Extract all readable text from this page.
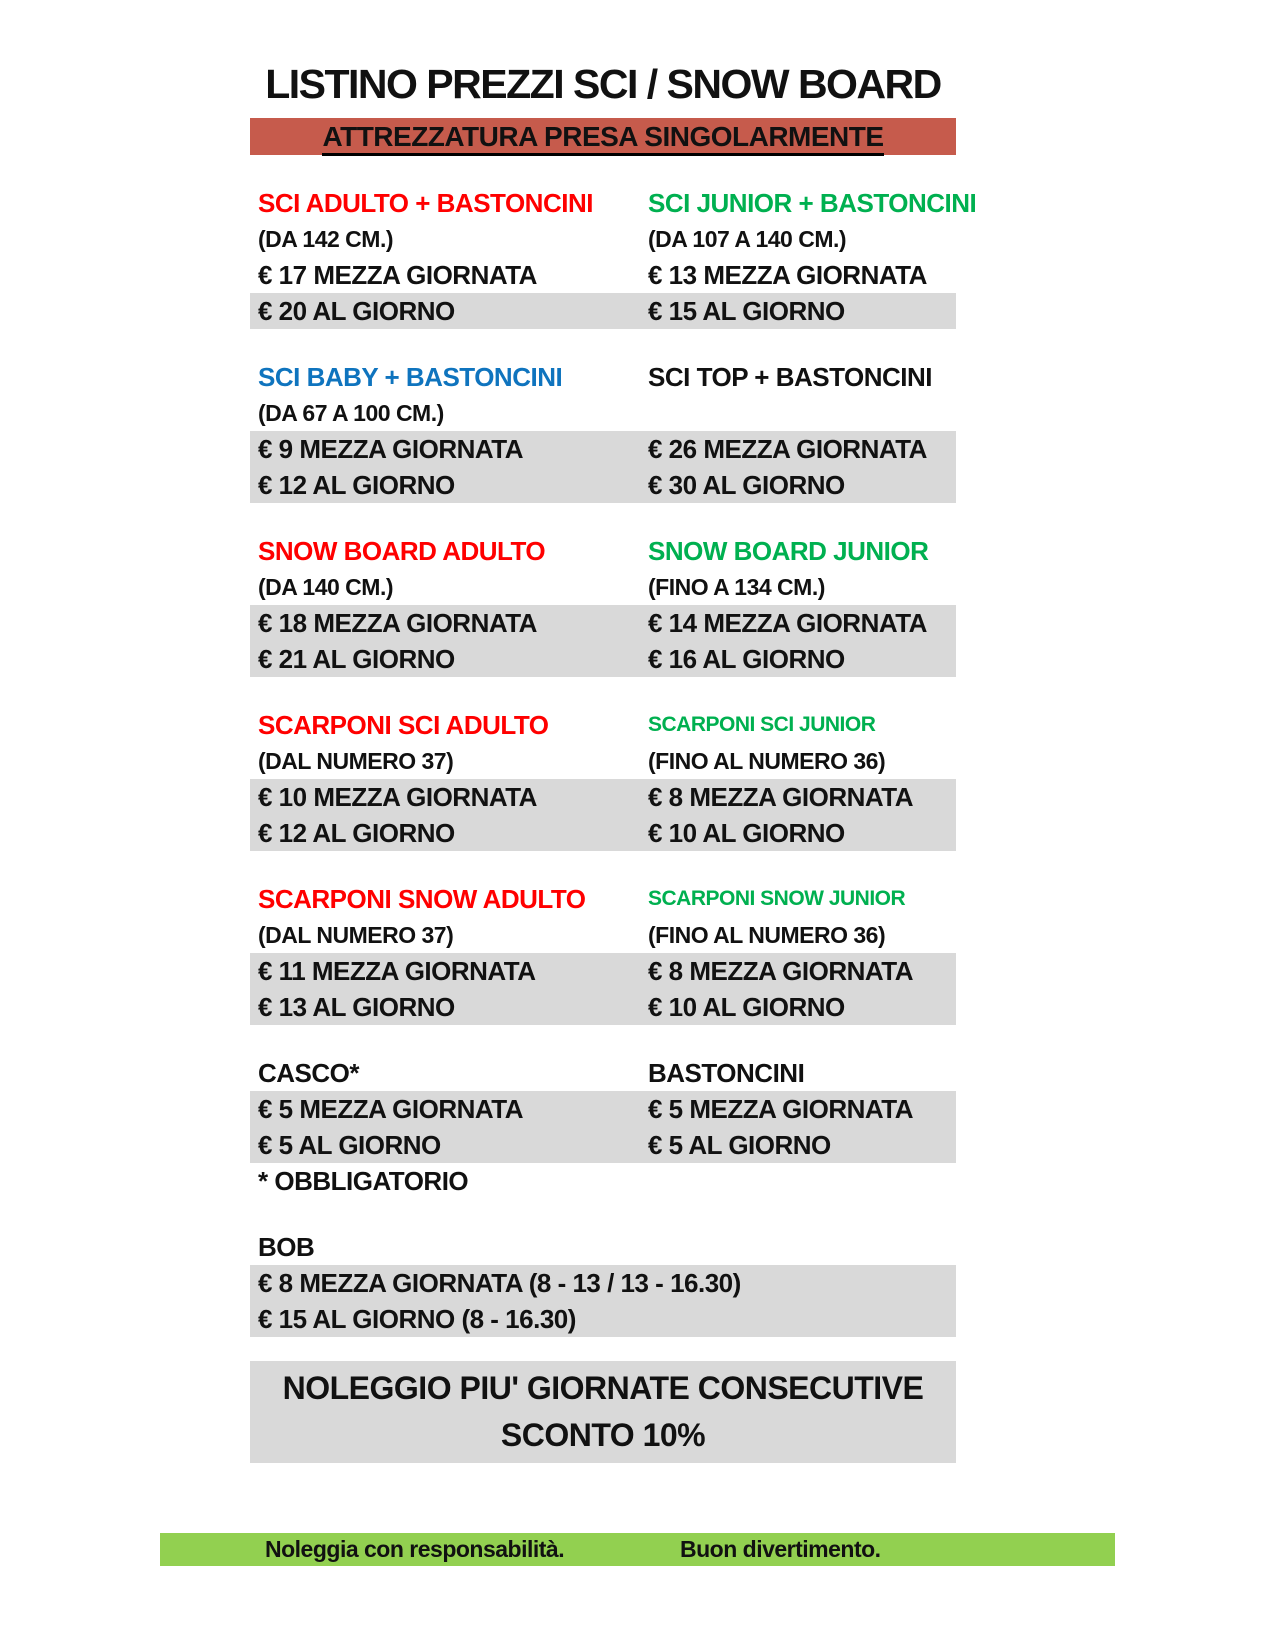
LISTINO PREZZI SCI / SNOW BOARD
ATTREZZATURA PRESA SINGOLARMENTE
SCI ADULTO + BASTONCINI	SCI JUNIOR + BASTONCINI
(DA 142 CM.)	(DA 107 A 140 CM.)
€ 17 MEZZA GIORNATA	€ 13 MEZZA GIORNATA
€ 20 AL GIORNO	€ 15 AL GIORNO
SCI BABY + BASTONCINI	SCI TOP + BASTONCINI
(DA 67 A 100 CM.)
€ 9 MEZZA GIORNATA	€ 26 MEZZA GIORNATA
€ 12 AL GIORNO	€ 30 AL GIORNO
SNOW BOARD ADULTO	SNOW BOARD JUNIOR
(DA 140 CM.)	(FINO A 134 CM.)
€ 18 MEZZA GIORNATA	€ 14 MEZZA GIORNATA
€ 21 AL GIORNO	€ 16 AL GIORNO
SCARPONI SCI ADULTO	SCARPONI SCI JUNIOR
(DAL NUMERO 37)	(FINO AL NUMERO 36)
€ 10 MEZZA GIORNATA	€ 8 MEZZA GIORNATA
€ 12 AL GIORNO	€ 10 AL GIORNO
SCARPONI SNOW ADULTO	SCARPONI SNOW JUNIOR
(DAL NUMERO 37)	(FINO AL NUMERO 36)
€ 11 MEZZA GIORNATA	€ 8 MEZZA GIORNATA
€ 13 AL GIORNO	€ 10 AL GIORNO
CASCO*	BASTONCINI
€ 5 MEZZA GIORNATA	€ 5 MEZZA GIORNATA
€ 5 AL GIORNO	€ 5 AL GIORNO
* OBBLIGATORIO
BOB
€ 8 MEZZA GIORNATA (8 - 13 / 13 - 16.30)
€ 15 AL GIORNO (8 - 16.30)
NOLEGGIO PIU' GIORNATE CONSECUTIVE
SCONTO 10%
Noleggia con responsabilità.	Buon divertimento.
